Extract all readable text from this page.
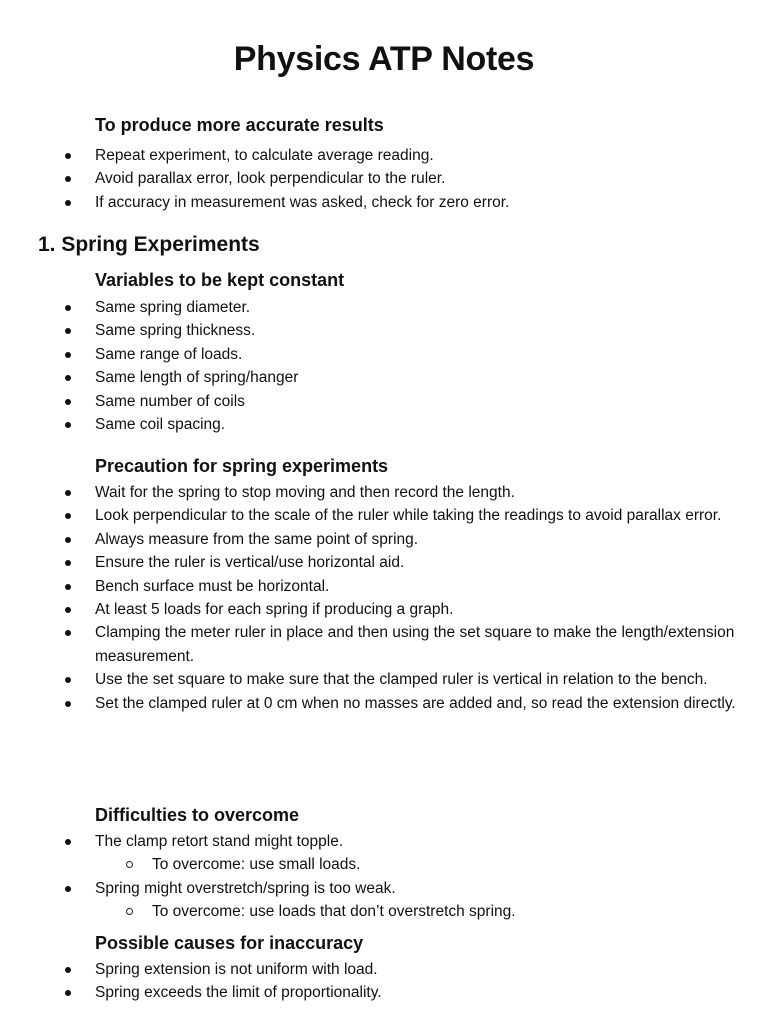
Physics ATP Notes
To produce more accurate results
Repeat experiment, to calculate average reading.
Avoid parallax error, look perpendicular to the ruler.
If accuracy in measurement was asked, check for zero error.
1. Spring Experiments
Variables to be kept constant
Same spring diameter.
Same spring thickness.
Same range of loads.
Same length of spring/hanger
Same number of coils
Same coil spacing.
Precaution for spring experiments
Wait for the spring to stop moving and then record the length.
Look perpendicular to the scale of the ruler while taking the readings to avoid parallax error.
Always measure from the same point of spring.
Ensure the ruler is vertical/use horizontal aid.
Bench surface must be horizontal.
At least 5 loads for each spring if producing a graph.
Clamping the meter ruler in place and then using the set square to make the length/extension measurement.
Use the set square to make sure that the clamped ruler is vertical in relation to the bench.
Set the clamped ruler at 0 cm when no masses are added and, so read the extension directly.
Difficulties to overcome
The clamp retort stand might topple.
To overcome: use small loads.
Spring might overstretch/spring is too weak.
To overcome: use loads that don’t overstretch spring.
Possible causes for inaccuracy
Spring extension is not uniform with load.
Spring exceeds the limit of proportionality.
